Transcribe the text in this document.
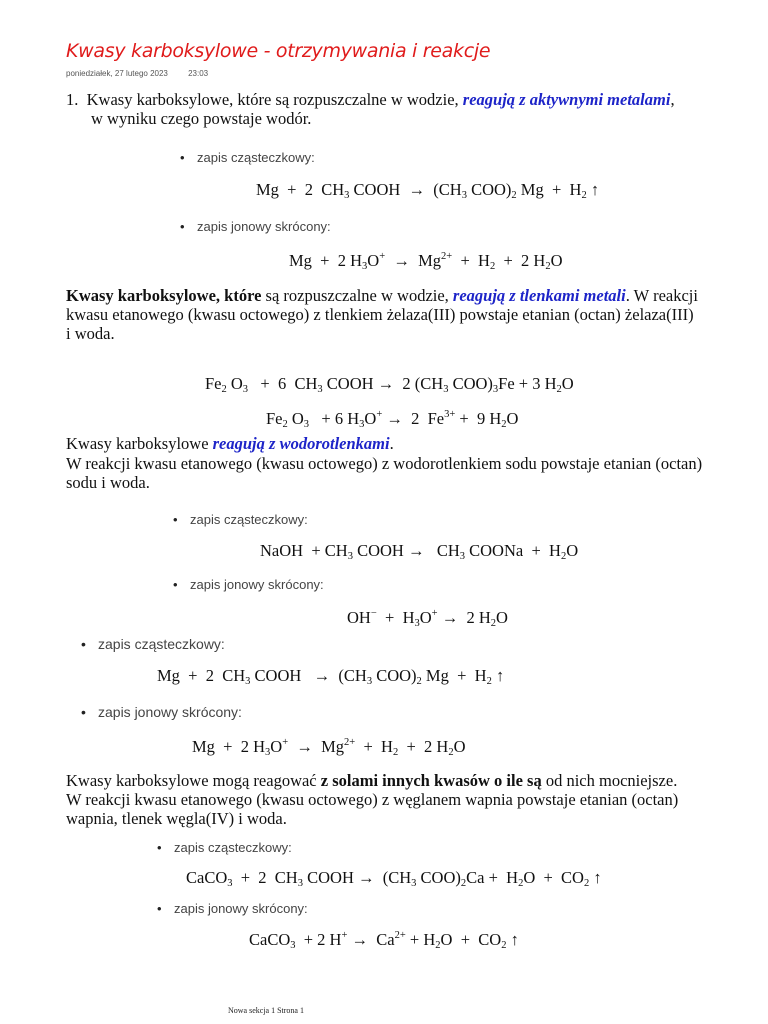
Kwasy karboksylowe - otrzymywania i reakcje
poniedziałek, 27 lutego 2023	23:03
1. Kwasy karboksylowe, które są rozpuszczalne w wodzie, reagują z aktywnymi metalami,
w wyniku czego powstaje wodór.
• zapis cząsteczkowy:
Mg  +  2  $CH_3$ COOH  →  ($CH_3$ $COO)_2$ $Mg + H_2$ ↑
• zapis jonowy skrócony:
Mg  +  2 $H_3O^+ \to Mg^{2+} + H_2 + 2$ $H_2O$
Kwasy karboksylowe, które są rozpuszczalne w wodzie, reagują z tlenkami metali. W reakcji
kwasu etanowego (kwasu octowego) z tlenkiem żelaza(III) powstaje etanian (octan) żelaza(III)
i woda.
$Fe_2$ $O_3 + 6$  $CH_3$ COOH →  2 ($CH_3$ $COO)_3Fe + 3$ $H_2O$
$Fe_2$ $O_3 + 6$ $H_3O^+ \to 2$  $Fe^{3+} + 9$ $H_2O$
Kwasy karboksylowe reagują z wodorotlenkami.
W reakcji kwasu etanowego (kwasu octowego) z wodorotlenkiem sodu powstaje etanian (octan)
sodu i woda.
• zapis cząsteczkowy:
NaOH  + $CH_3$ COOH →   $CH_3$ COONa  +  $H_2O$
• zapis jonowy skrócony:
$OH^- + H_3O^+ \to 2$ $H_2O$
• zapis cząsteczkowy:
Mg  +  2  $CH_3$ COOH   →  ($CH_3$ $COO)_2$ $Mg + H_2$ ↑
• zapis jonowy skrócony:
Mg  +  2 $H_3O^+ \to Mg^{2+} + H_2 + 2$ $H_2O$
Kwasy karboksylowe mogą reagować z solami innych kwasów o ile są od nich mocniejsze.
W reakcji kwasu etanowego (kwasu octowego) z węglanem wapnia powstaje etanian (octan)
wapnia, tlenek węgla(IV) i woda.
• zapis cząsteczkowy:
CaCO$_3$  +  2  $CH_3$ COOH →  ($CH_3$ $COO)_2Ca + H_2O + CO_2$ ↑
• zapis jonowy skrócony:
CaCO$_3$  + 2 $H^+ \to Ca^{2+} + H_2O + CO_2$ ↑
Nowa sekcja 1 Strona 1
